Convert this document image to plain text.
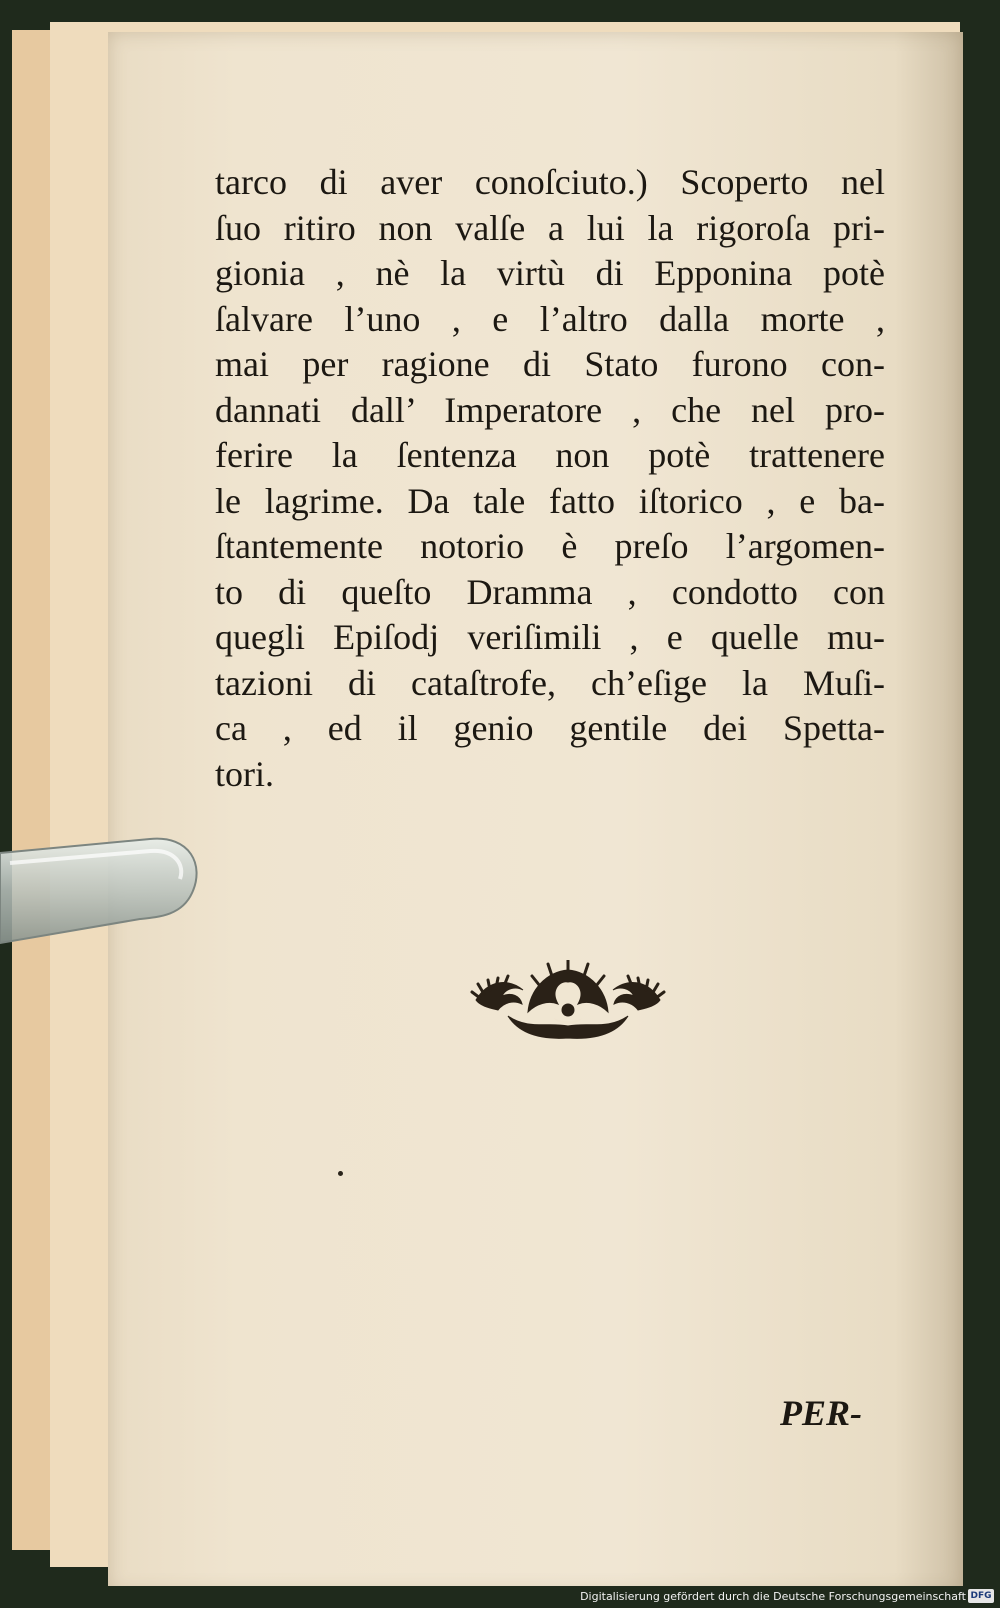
tarco di aver conoſciuto.) Scoperto nel
ſuo ritiro non valſe a lui la rigoroſa pri-
gionia , nè la virtù di Epponina potè
ſalvare l’uno , e l’altro dalla morte ,
mai per ragione di Stato furono con-
dannati dall’ Imperatore , che nel pro-
ferire la ſentenza non potè trattenere
le lagrime. Da tale fatto iſtorico , e ba-
ſtantemente notorio è preſo l’argomen-
to di queſto Dramma , condotto con
quegli Epiſodj veriſimili , e quelle mu-
tazioni di cataſtrofe, ch’eſige la Muſi-
ca , ed il genio gentile dei Spetta-
tori.
PER-
Digitalisierung gefördert durch die Deutsche Forschungsgemeinschaft DFG
